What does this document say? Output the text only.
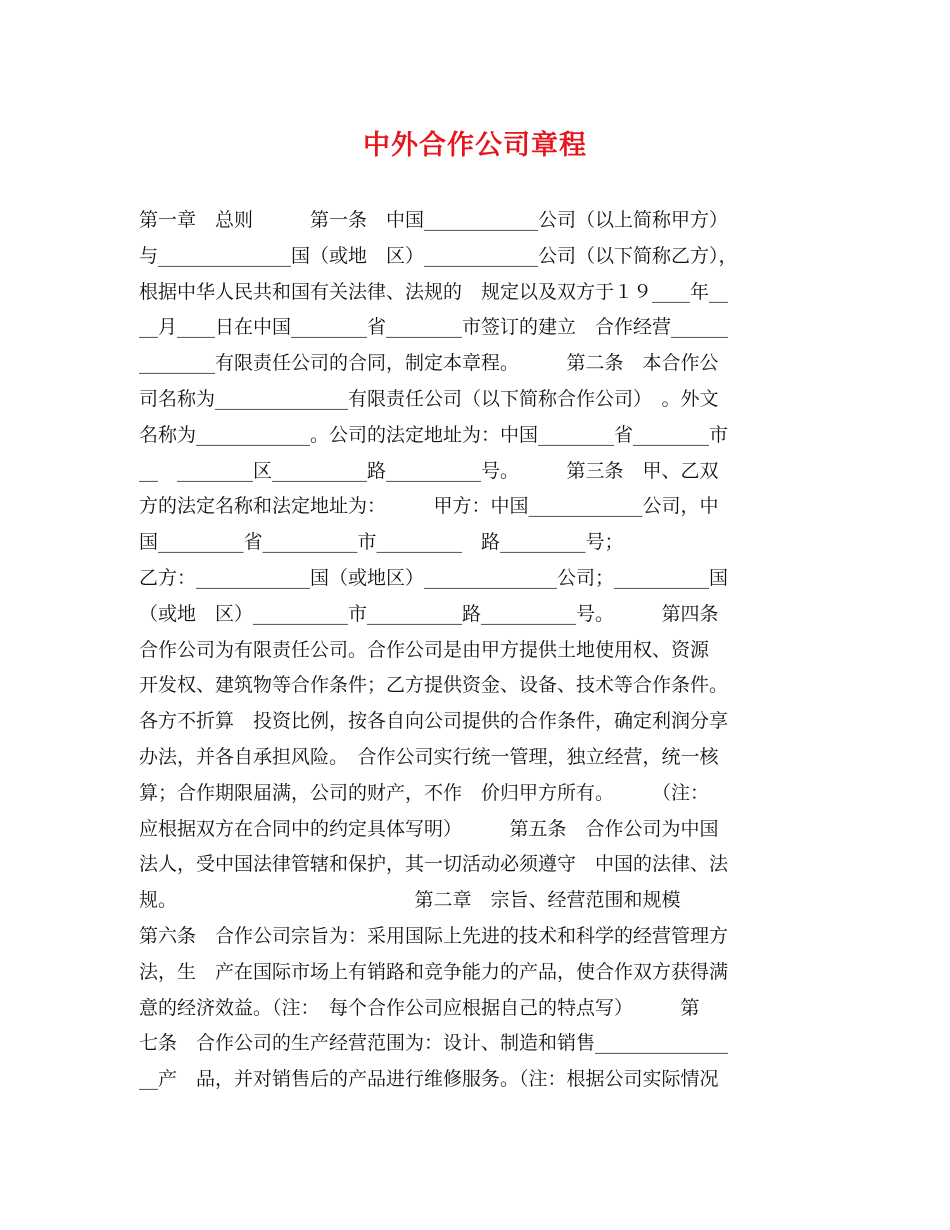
中外合作公司章程
第一章　总则　　　第一条　中国____________公司（以上简称甲方）
与______________国（或地　区）____________公司（以下简称乙方），
根据中华人民共和国有关法律、法规的　规定以及双方于１９____年__
__月____日在中国________省________市签订的建立　合作经营______
________有限责任公司的合同，制定本章程。　　　第二条　本合作公
司名称为______________有限责任公司（以下简称合作公司）　。外文
名称为____________。公司的法定地址为：中国________省________市
__　________区__________路__________号。　　　第三条　甲、乙双
方的法定名称和法定地址为：　　　甲方：中国____________公司，中
国_________省__________市_________　路_________号；
乙方：____________国（或地区）______________公司；__________国
（或地　区）__________市__________路__________号。　　　第四条
合作公司为有限责任公司。合作公司是由甲方提供土地使用权、资源
开发权、建筑物等合作条件；乙方提供资金、设备、技术等合作条件。
各方不折算　投资比例，按各自向公司提供的合作条件，确定利润分享
办法，并各自承担风险。　合作公司实行统一管理，独立经营，统一核
算；合作期限届满，公司的财产，不作　价归甲方所有。　　　（注：
应根据双方在合同中的约定具体写明）　　　第五条　合作公司为中国
法人，受中国法律管辖和保护，其一切活动必须遵守　中国的法律、法
规。　　　　　　　　　　　　　第二章　宗旨、经营范围和规模
第六条　合作公司宗旨为：采用国际上先进的技术和科学的经营管理方
法，生　产在国际市场上有销路和竞争能力的产品，使合作双方获得满
意的经济效益。（注：　每个合作公司应根据自己的特点写）　　　第
七条　合作公司的生产经营范围为：设计、制造和销售______________
__产　品，并对销售后的产品进行维修服务。（注：根据公司实际情况
